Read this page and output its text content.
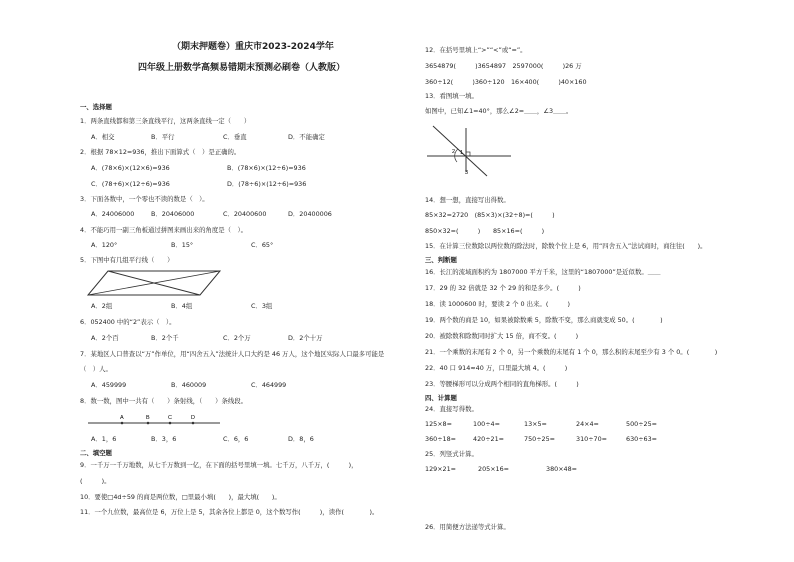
（期末押题卷）重庆市2023-2024学年
四年级上册数学高频易错期末预测必刷卷（人教版）
一、选择题
1．两条直线都和第三条直线平行，这两条直线一定（　　）
A．相交	B．平行	C．垂直	D．不能确定
2．根据 78×12=936，推出下面算式（　）是正确的。
A．(78×6)×(12×6)=936	B．(78×6)×(12÷6)=936
C．(78+6)×(12÷6)=936	D．(78÷6)×(12÷6)=936
3．下面各数中，一个零也不读的数是（　）。
A．24006000	B．20406000	C．20400600	D．20400006
4．不能巧用一副三角板通过拼图来画出来的角度是（　）。
A．120°	B．15°	C．65°
5．下图中有几组平行线（　　）
A．2组	B．4组	C．3组
6．052400 中的“2”表示（　）。
A．2个百	B．2个千	C．2个万	D．2个十万
7．某地区人口普查以“万”作单位，用“四舍五入”法统计人口大约是 46 万人，这个地区实际人口最多可能是
（　）人。
A．459999	B．460009	C．464999
8．数一数，图中一共有（　　）条射线，（　　）条线段。
A．1，6	B．3，6	C．6，6	D．8，6
二、填空题
9．一千万一千万地数，从七千万数到一亿，在下面的括号里填一填。七千万，八千万，(　　　)，
(　　　)。
10．要使□4d÷59 的商是两位数，□里最小填(　　)，最大填(　　)。
11．一个九位数，最高位是 6，万位上是 5，其余各位上都是 0，这个数写作(　　　)，读作(　　　　)。
12．在括号里填上“>”“<”或“=”。
3654879(　　　)3654897　2597000(　　　)26 万
360÷12(　　　)360÷120　16×400(　　　)40×160
13．看图填一填。
如图中，已知∠1=40°，那么∠2=＿＿，∠3＿＿。
14．想一想，直接写出得数。
85×32=2720　(85×3)×(32÷8)=(　　　)
850×32=(　　　)　　85×16=(　　　)
15．在计算三位数除以两位数的除法时，除数个位上是 6，用“四舍五入”法试商时，商往往(　　)。
三、判断题
16．长江的流域面积约为 1807000 平方千米，这里的“1807000”是近似数。＿＿
17．29 的 32 倍就是 32 个 29 的和是多少。(　　　)
18．读 1000600 时，要读 2 个 0 出来。(　　　)
19．两个数的商是 10，如果被除数乘 5，除数不变，那么商就变成 50。(　　　　)
20．被除数和除数同时扩大 15 倍，商不变。(　　　)
21．一个乘数的末尾有 2 个 0，另一个乘数的末尾有 1 个 0，那么积的末尾至少有 3 个 0。(　　　　)
22．40 口 914≈40 万，口里最大填 4。(　　　)
23．等腰梯形可以分成两个相同的直角梯形。(　　　)
四、计算题
24．直接写得数。
125×8=	100÷4=	13×5=	24×4=	500÷25=
360÷18=	420÷21=	750÷25=	310÷70=	630÷63=
25．列竖式计算。
129×21=	205×16=	380×48=
26．用简便方法递等式计算。
A	B	C	D
1
2
3
